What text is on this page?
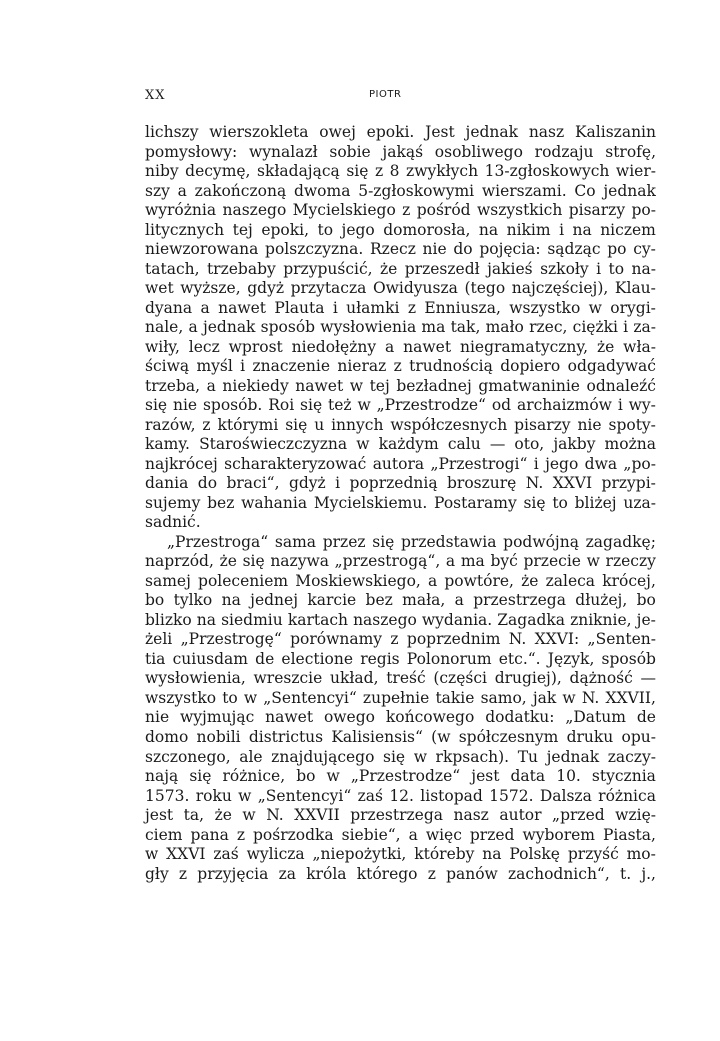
XX	PIOTR
lichszy wierszokleta owej epoki. Jest jednak nasz Kaliszanin
pomysłowy: wynalazł sobie jakąś osobliwego rodzaju strofę,
niby decymę, składającą się z 8 zwykłych 13-zgłoskowych wier-
szy a zakończoną dwoma 5-zgłoskowymi wierszami. Co jednak
wyróżnia naszego Mycielskiego z pośród wszystkich pisarzy po-
litycznych tej epoki, to jego domorosła, na nikim i na niczem
niewzorowana polszczyzna. Rzecz nie do pojęcia: sądząc po cy-
tatach, trzebaby przypuścić, że przeszedł jakieś szkoły i to na-
wet wyższe, gdyż przytacza Owidyusza (tego najczęściej), Klau-
dyana a nawet Plauta i ułamki z Enniusza, wszystko w orygi-
nale, a jednak sposób wysłowienia ma tak, mało rzec, ciężki i za-
wiły, lecz wprost niedołężny a nawet niegramatyczny, że wła-
ściwą myśl i znaczenie nieraz z trudnością dopiero odgadywać
trzeba, a niekiedy nawet w tej bezładnej gmatwaninie odnaleźć
się nie sposób. Roi się też w „Przestrodze“ od archaizmów i wy-
razów, z którymi się u innych współczesnych pisarzy nie spoty-
kamy. Staroświeczczyzna w każdym calu — oto, jakby można
najkrócej scharakteryzować autora „Przestrogi“ i jego dwa „po-
dania do braci“, gdyż i poprzednią broszurę N. XXVI przypi-
sujemy bez wahania Mycielskiemu. Postaramy się to bliżej uza-
sadnić.
„Przestroga“ sama przez się przedstawia podwójną zagadkę;
naprzód, że się nazywa „przestrogą“, a ma być przecie w rzeczy
samej poleceniem Moskiewskiego, a powtóre, że zaleca krócej,
bo tylko na jednej karcie bez mała, a przestrzega dłużej, bo
blizko na siedmiu kartach naszego wydania. Zagadka zniknie, je-
żeli „Przestrogę“ porównamy z poprzednim N. XXVI: „Senten-
tia cuiusdam de electione regis Polonorum etc.“. Język, sposób
wysłowienia, wreszcie układ, treść (części drugiej), dążność —
wszystko to w „Sentencyi“ zupełnie takie samo, jak w N. XXVII,
nie wyjmując nawet owego końcowego dodatku: „Datum de
domo nobili districtus Kalisiensis“ (w spółczesnym druku opu-
szczonego, ale znajdującego się w rkpsach). Tu jednak zaczy-
nają się różnice, bo w „Przestrodze“ jest data 10. stycznia
1573. roku w „Sentencyi“ zaś 12. listopad 1572. Dalsza różnica
jest ta, że w N. XXVII przestrzega nasz autor „przed wzię-
ciem pana z pośrzodka siebie“, a więc przed wyborem Piasta,
w XXVI zaś wylicza „niepożytki, któreby na Polskę przyść mo-
gły z przyjęcia za króla którego z panów zachodnich“, t. j.,
